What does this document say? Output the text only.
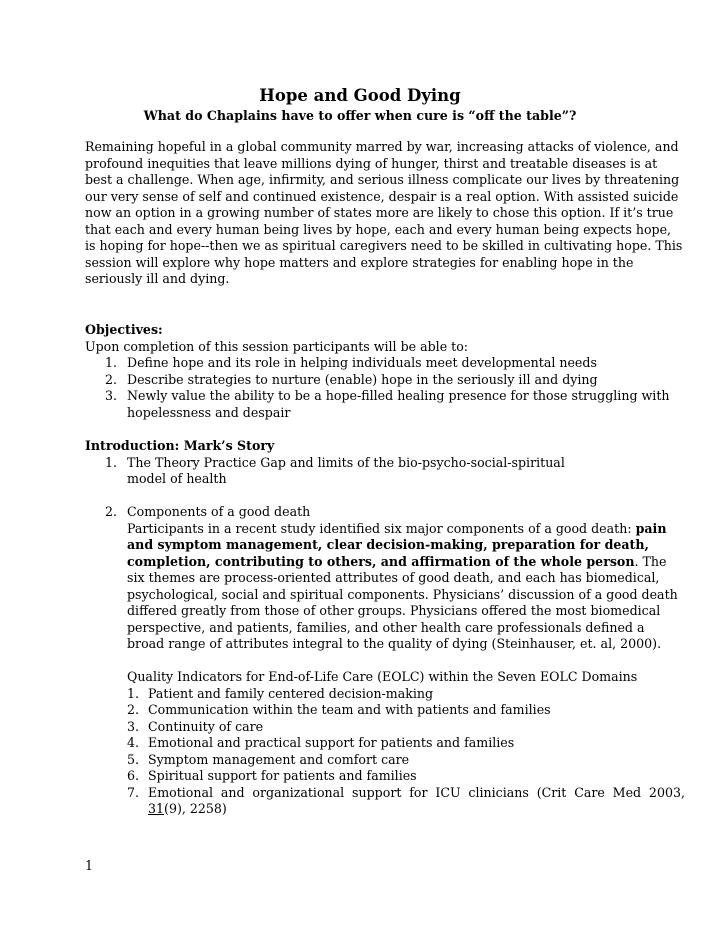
Hope and Good Dying
What do Chaplains have to offer when cure is “off the table”?

Remaining hopeful in a global community marred by war, increasing attacks of violence, and profound inequities that leave millions dying of hunger, thirst and treatable diseases is at best a challenge. When age, infirmity, and serious illness complicate our lives by threatening our very sense of self and continued existence, despair is a real option. With assisted suicide now an option in a growing number of states more are likely to chose this option. If it’s true that each and every human being lives by hope, each and every human being expects hope, is hoping for hope--then we as spiritual caregivers need to be skilled in cultivating hope. This session will explore why hope matters and explore strategies for enabling hope in the seriously ill and dying.

Objectives:

Upon completion of this session participants will be able to:

1. Define hope and its role in helping individuals meet developmental needs
2. Describe strategies to nurture (enable) hope in the seriously ill and dying
3. Newly value the ability to be a hope-filled healing presence for those struggling with hopelessness and despair

Introduction: Mark’s Story

1. The Theory Practice Gap and limits of the bio-psycho-social-spiritual model of health
2. Components of a good death

Participants in a recent study identified six major components of a good death: pain and symptom management, clear decision-making, preparation for death, completion, contributing to others, and affirmation of the whole person. The six themes are process-oriented attributes of good death, and each has biomedical, psychological, social and spiritual components. Physicians’ discussion of a good death differed greatly from those of other groups. Physicians offered the most biomedical perspective, and patients, families, and other health care professionals defined a broad range of attributes integral to the quality of dying (Steinhauser, et. al, 2000).

Quality Indicators for End-of-Life Care (EOLC) within the Seven EOLC Domains

1. Patient and family centered decision-making
2. Communication within the team and with patients and families
3. Continuity of care
4. Emotional and practical support for patients and families
5. Symptom management and comfort care
6. Spiritual support for patients and families
7. Emotional and organizational support for ICU clinicians (Crit Care Med 2003, 31(9), 2258)
1
